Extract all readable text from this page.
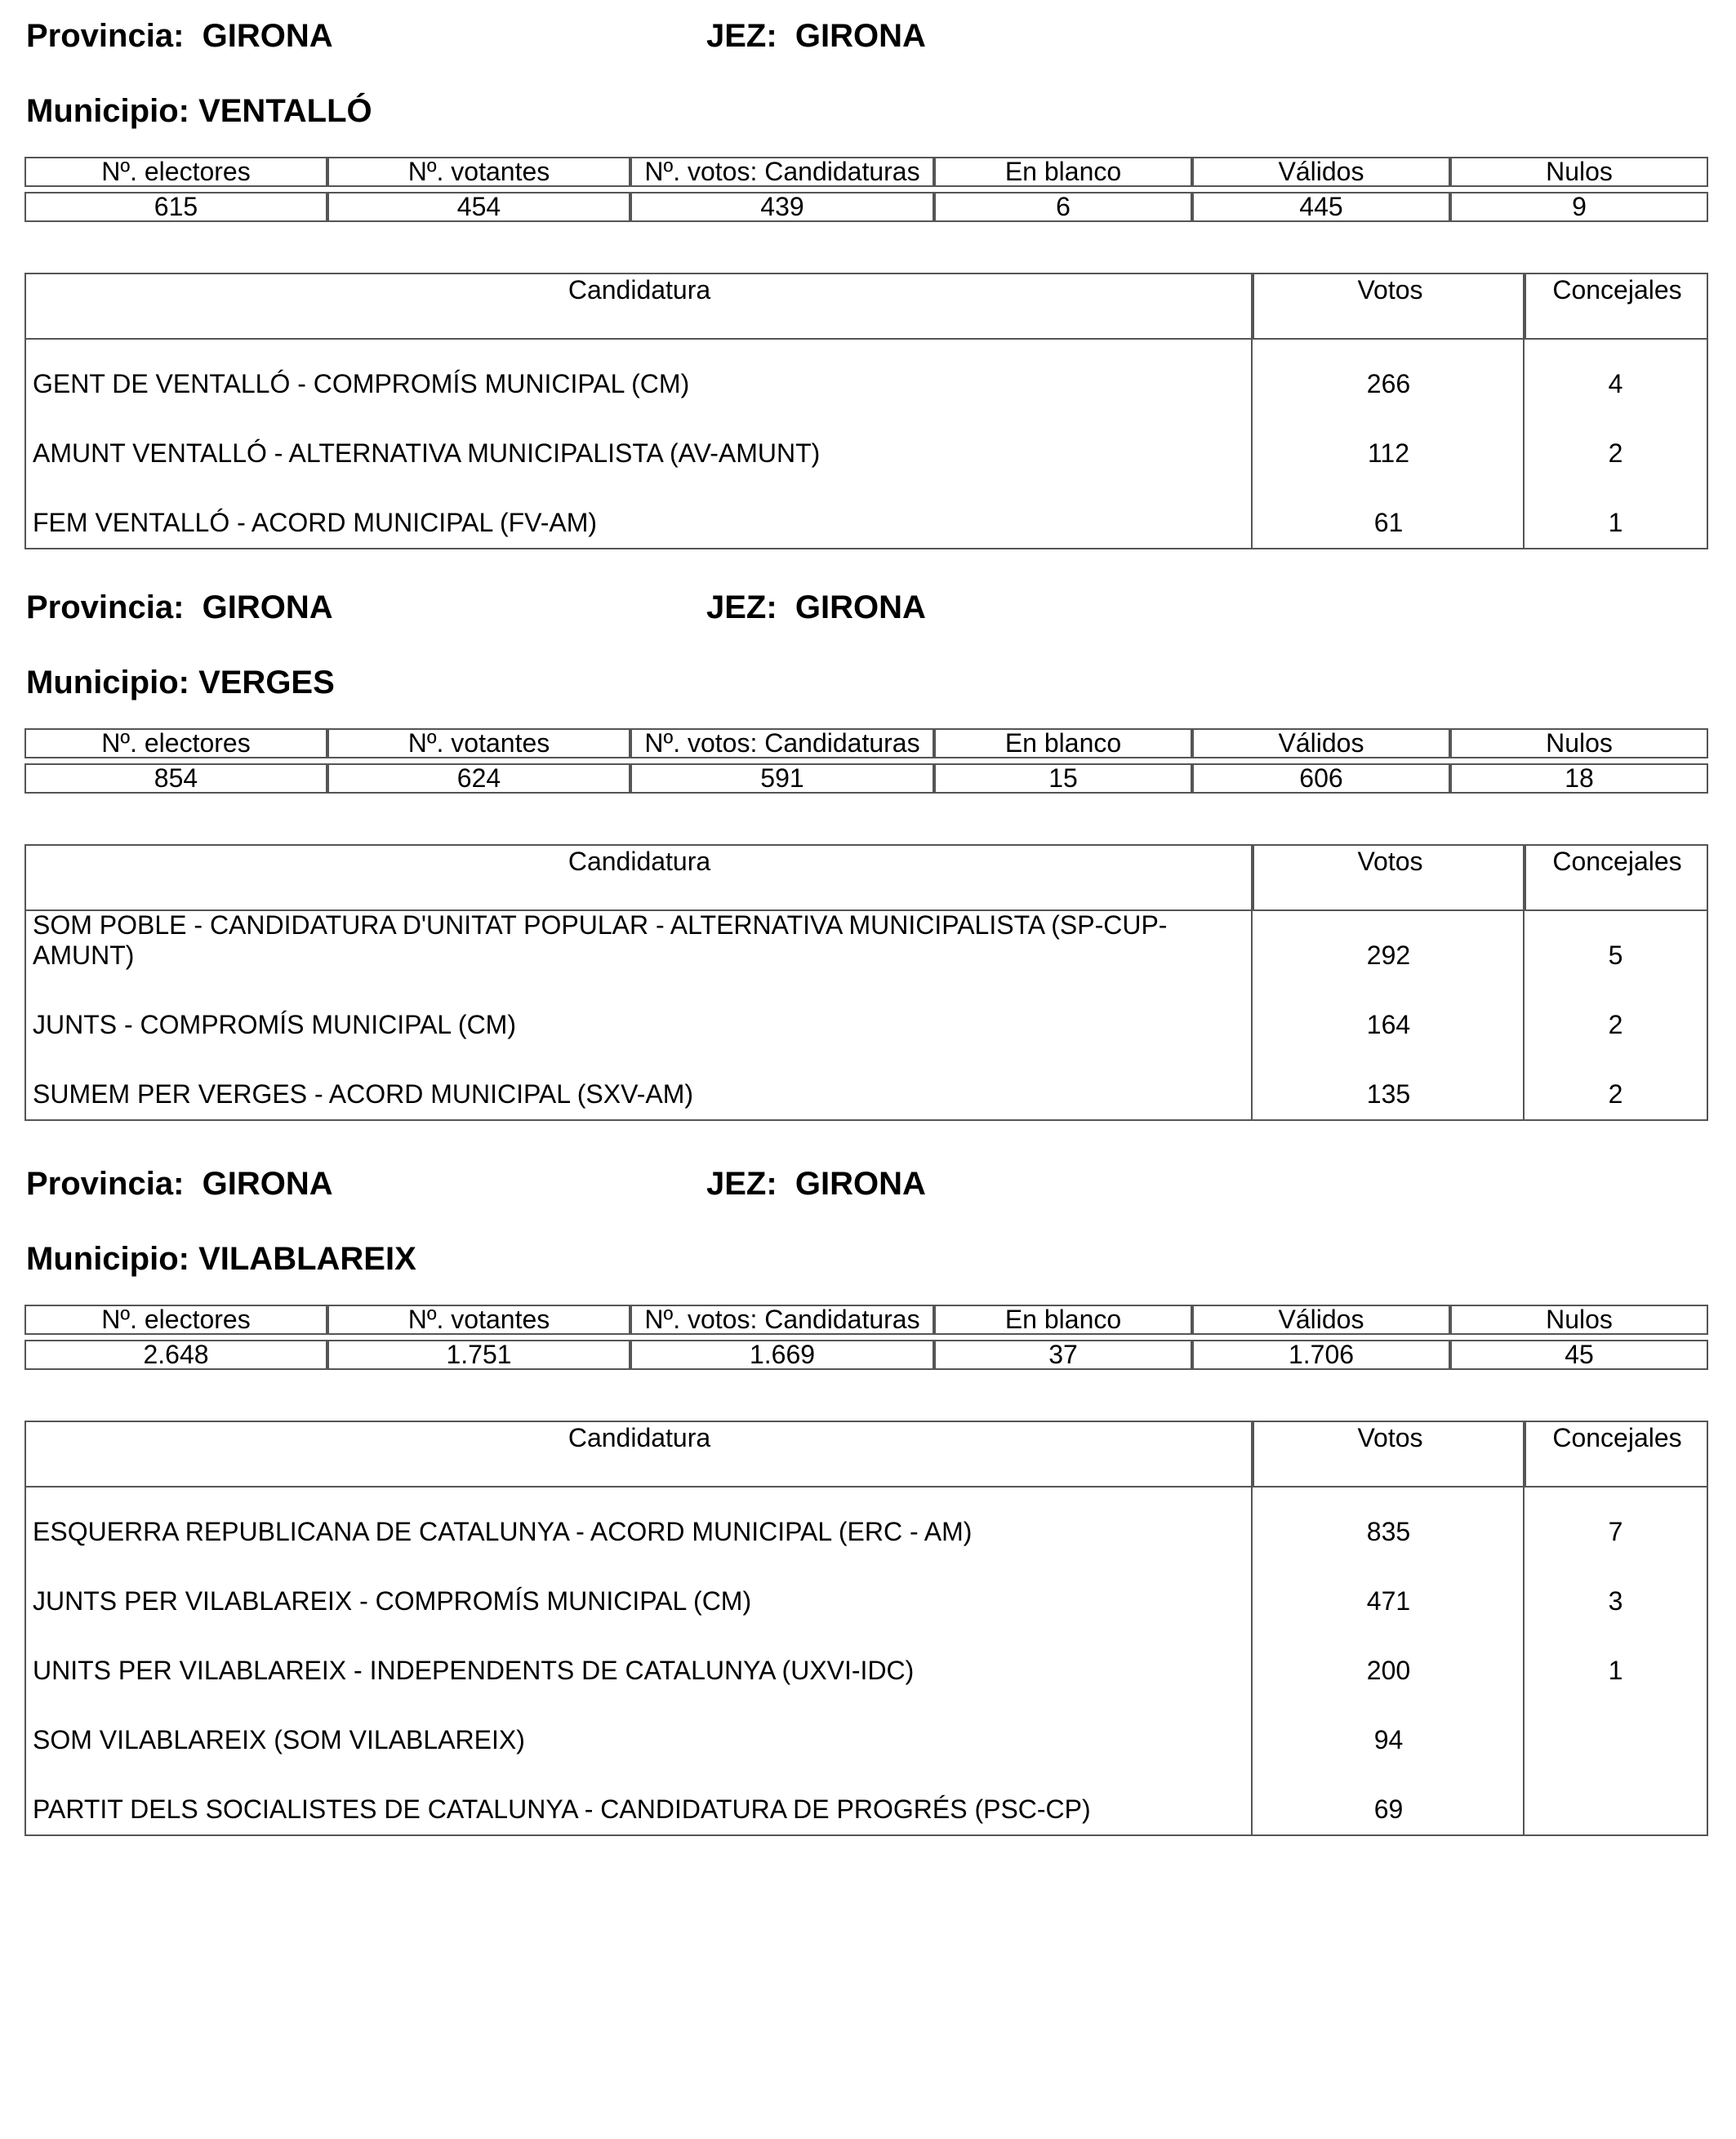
Provincia:  GIRONA	JEZ:  GIRONA
Municipio: VENTALLÓ
Nº. electores	Nº. votantes	Nº. votos: Candidaturas	En blanco	Válidos	Nulos

615	454	439	6	445	9
Candidatura	Votos	Concejales
GENT DE VENTALLÓ - COMPROMÍS MUNICIPAL (CM)	266	4
AMUNT VENTALLÓ - ALTERNATIVA MUNICIPALISTA (AV-AMUNT)	112	2
FEM VENTALLÓ - ACORD MUNICIPAL (FV-AM)	61	1
Provincia:  GIRONA	JEZ:  GIRONA
Municipio: VERGES
Nº. electores	Nº. votantes	Nº. votos: Candidaturas	En blanco	Válidos	Nulos

854	624	591	15	606	18
Candidatura	Votos	Concejales
SOM POBLE - CANDIDATURA D'UNITAT POPULAR - ALTERNATIVA MUNICIPALISTA (SP-CUP-AMUNT)	292	5
JUNTS - COMPROMÍS MUNICIPAL (CM)	164	2
SUMEM PER VERGES - ACORD MUNICIPAL (SXV-AM)	135	2
Provincia:  GIRONA	JEZ:  GIRONA
Municipio: VILABLAREIX
Nº. electores	Nº. votantes	Nº. votos: Candidaturas	En blanco	Válidos	Nulos

2.648	1.751	1.669	37	1.706	45
Candidatura	Votos	Concejales
ESQUERRA REPUBLICANA DE CATALUNYA - ACORD MUNICIPAL (ERC - AM)	835	7
JUNTS PER VILABLAREIX - COMPROMÍS MUNICIPAL (CM)	471	3
UNITS PER VILABLAREIX - INDEPENDENTS DE CATALUNYA (UXVI-IDC)	200	1
SOM VILABLAREIX (SOM VILABLAREIX)	94
PARTIT DELS SOCIALISTES DE CATALUNYA - CANDIDATURA DE PROGRÉS (PSC-CP)	69
